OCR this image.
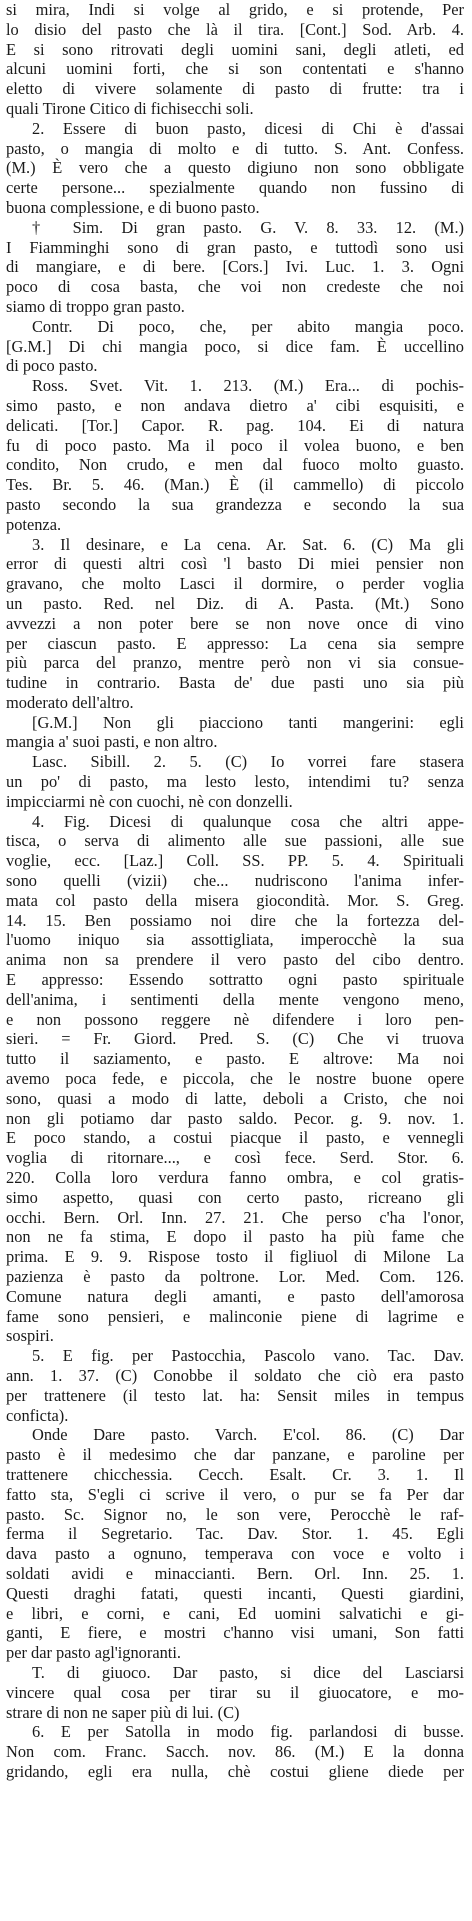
si mira, Indi si volge al grido, e si protende, Per
lo disio del pasto che là il tira. [Cont.] Sod. Arb. 4.
E si sono ritrovati degli uomini sani, degli atleti, ed
alcuni uomini forti, che si son contentati e s'hanno
eletto di vivere solamente di pasto di frutte: tra i
quali Tirone Citico di fichisecchi soli.
2. Essere di buon pasto, dicesi di Chi è d'assai
pasto, o mangia di molto e di tutto. S. Ant. Confess.
(M.) È vero che a questo digiuno non sono obbligate
certe persone... spezialmente quando non fussino di
buona complessione, e di buono pasto.
† Sim. Di gran pasto. G. V. 8. 33. 12. (M.)
I Fiamminghi sono di gran pasto, e tuttodì sono usi
di mangiare, e di bere. [Cors.] Ivi. Luc. 1. 3. Ogni
poco di cosa basta, che voi non credeste che noi
siamo di troppo gran pasto.
Contr. Di poco, che, per abito mangia poco.
[G.M.] Di chi mangia poco, si dice fam. È uccellino
di poco pasto.
Ross. Svet. Vit. 1. 213. (M.) Era... di pochis-
simo pasto, e non andava dietro a' cibi esquisiti, e
delicati. [Tor.] Capor. R. pag. 104. Ei di natura
fu di poco pasto. Ma il poco il volea buono, e ben
condito, Non crudo, e men dal fuoco molto guasto.
Tes. Br. 5. 46. (Man.) È (il cammello) di piccolo
pasto secondo la sua grandezza e secondo la sua
potenza.
3. Il desinare, e La cena. Ar. Sat. 6. (C) Ma gli
error di questi altri così 'l basto Di miei pensier non
gravano, che molto Lasci il dormire, o perder voglia
un pasto. Red. nel Diz. di A. Pasta. (Mt.) Sono
avvezzi a non poter bere se non nove once di vino
per ciascun pasto. E appresso: La cena sia sempre
più parca del pranzo, mentre però non vi sia consue-
tudine in contrario. Basta de' due pasti uno sia più
moderato dell'altro.
[G.M.] Non gli piacciono tanti mangerini: egli
mangia a' suoi pasti, e non altro.
Lasc. Sibill. 2. 5. (C) Io vorrei fare stasera
un po' di pasto, ma lesto lesto, intendimi tu? senza
impicciarmi nè con cuochi, nè con donzelli.
4. Fig. Dicesi di qualunque cosa che altri appe-
tisca, o serva di alimento alle sue passioni, alle sue
voglie, ecc. [Laz.] Coll. SS. PP. 5. 4. Spirituali
sono quelli (vizii) che... nudriscono l'anima infer-
mata col pasto della misera giocondità. Mor. S. Greg.
14. 15. Ben possiamo noi dire che la fortezza del-
l'uomo iniquo sia assottigliata, imperocchè la sua
anima non sa prendere il vero pasto del cibo dentro.
E appresso: Essendo sottratto ogni pasto spirituale
dell'anima, i sentimenti della mente vengono meno,
e non possono reggere nè difendere i loro pen-
sieri. = Fr. Giord. Pred. S. (C) Che vi truova
tutto il saziamento, e pasto. E altrove: Ma noi
avemo poca fede, e piccola, che le nostre buone opere
sono, quasi a modo di latte, deboli a Cristo, che noi
non gli potiamo dar pasto saldo. Pecor. g. 9. nov. 1.
E poco stando, a costui piacque il pasto, e vennegli
voglia di ritornare..., e così fece. Serd. Stor. 6.
220. Colla loro verdura fanno ombra, e col gratis-
simo aspetto, quasi con certo pasto, ricreano gli
occhi. Bern. Orl. Inn. 27. 21. Che perso c'ha l'onor,
non ne fa stima, E dopo il pasto ha più fame che
prima. E 9. 9. Rispose tosto il figliuol di Milone La
pazienza è pasto da poltrone. Lor. Med. Com. 126.
Comune natura degli amanti, e pasto dell'amorosa
fame sono pensieri, e malinconie piene di lagrime e
sospiri.
5. E fig. per Pastocchia, Pascolo vano. Tac. Dav.
ann. 1. 37. (C) Conobbe il soldato che ciò era pasto
per trattenere (il testo lat. ha: Sensit miles in tempus
conficta).
Onde Dare pasto. Varch. E'col. 86. (C) Dar
pasto è il medesimo che dar panzane, e paroline per
trattenere chicchessia. Cecch. Esalt. Cr. 3. 1. Il
fatto sta, S'egli ci scrive il vero, o pur se fa Per dar
pasto. Sc. Signor no, le son vere, Perocchè le raf-
ferma il Segretario. Tac. Dav. Stor. 1. 45. Egli
dava pasto a ognuno, temperava con voce e volto i
soldati avidi e minaccianti. Bern. Orl. Inn. 25. 1.
Questi draghi fatati, questi incanti, Questi giardini,
e libri, e corni, e cani, Ed uomini salvatichi e gi-
ganti, E fiere, e mostri c'hanno visi umani, Son fatti
per dar pasto agl'ignoranti.
T. di giuoco. Dar pasto, si dice del Lasciarsi
vincere qual cosa per tirar su il giuocatore, e mo-
strare di non ne saper più di lui. (C)
6. E per Satolla in modo fig. parlandosi di busse.
Non com. Franc. Sacch. nov. 86. (M.) E la donna
gridando, egli era nulla, chè costui gliene diede per
